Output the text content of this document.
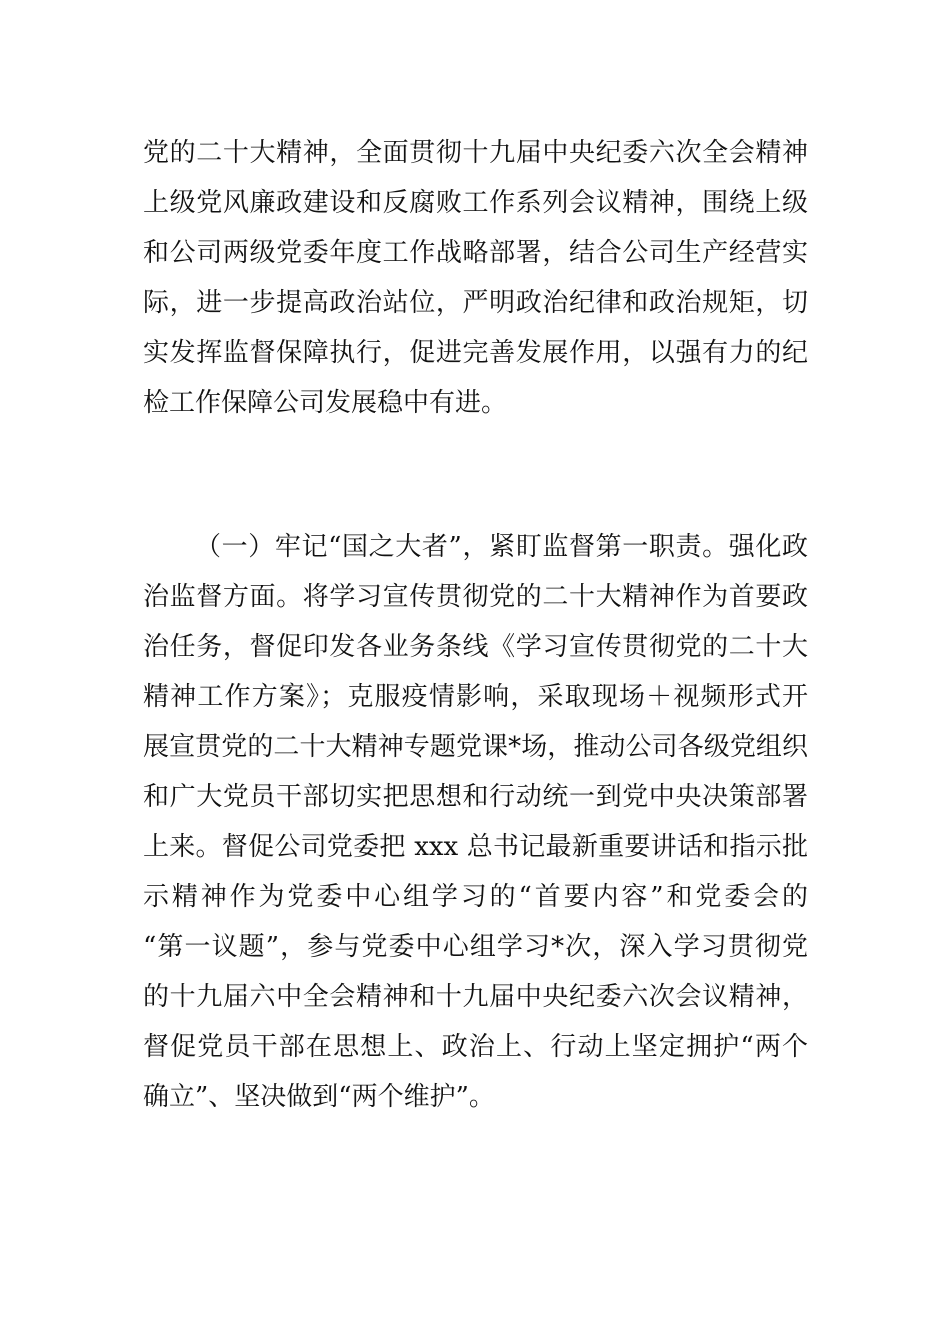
党的二十大精神，全面贯彻十九届中央纪委六次全会精神
上级党风廉政建设和反腐败工作系列会议精神，围绕上级
和公司两级党委年度工作战略部署，结合公司生产经营实
际，进一步提高政治站位，严明政治纪律和政治规矩，切
实发挥监督保障执行，促进完善发展作用，以强有力的纪
检工作保障公司发展稳中有进。

（一）牢记“国之大者”，紧盯监督第一职责。强化政
治监督方面。将学习宣传贯彻党的二十大精神作为首要政
治任务，督促印发各业务条线《学习宣传贯彻党的二十大
精神工作方案》；克服疫情影响，采取现场＋视频形式开
展宣贯党的二十大精神专题党课*场，推动公司各级党组织
和广大党员干部切实把思想和行动统一到党中央决策部署
上来。督促公司党委把 xxx 总书记最新重要讲话和指示批
示精神作为党委中心组学习的“首要内容”和党委会的
“第一议题”，参与党委中心组学习*次，深入学习贯彻党
的十九届六中全会精神和十九届中央纪委六次会议精神，
督促党员干部在思想上、政治上、行动上坚定拥护“两个
确立”、坚决做到“两个维护”。
